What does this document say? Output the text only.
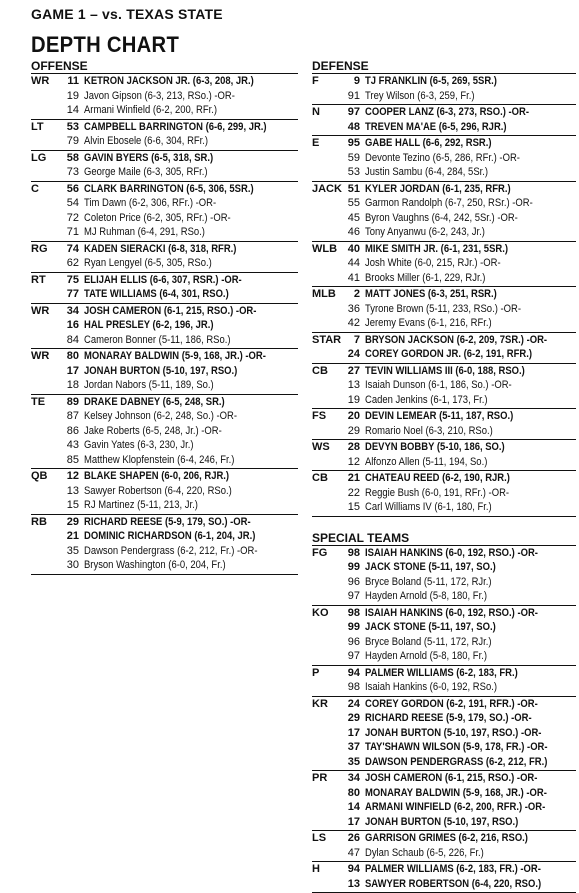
GAME 1 – vs. TEXAS STATE
DEPTH CHART
OFFENSE
WR	11 KETRON JACKSON JR. (6-3, 208, JR.)
19 Javon Gipson (6-3, 213, RSo.) -OR-
14 Armani Winfield (6-2, 200, RFr.)
LT	53 CAMPBELL BARRINGTON (6-6, 299, JR.)
79 Alvin Ebosele (6-6, 304, RFr.)
LG	58 GAVIN BYERS (6-5, 318, SR.)
73 George Maile (6-3, 305, RFr.)
C	56 CLARK BARRINGTON (6-5, 306, 5SR.)
54 Tim Dawn (6-2, 306, RFr.) -OR-
72 Coleton Price (6-2, 305, RFr.) -OR-
71 MJ Ruhman (6-4, 291, RSo.)
RG	74 KADEN SIERACKI (6-8, 318, RFR.)
62 Ryan Lengyel (6-5, 305, RSo.)
RT	75 ELIJAH ELLIS (6-6, 307, RSR.) -OR-
77 TATE WILLIAMS (6-4, 301, RSO.)
WR	34 JOSH CAMERON (6-1, 215, RSO.) -OR-
16 HAL PRESLEY (6-2, 196, JR.)
84 Cameron Bonner (5-11, 186, RSo.)
WR	80 MONARAY BALDWIN (5-9, 168, JR.) -OR-
17 JONAH BURTON (5-10, 197, RSO.)
18 Jordan Nabors (5-11, 189, So.)
TE	89 DRAKE DABNEY (6-5, 248, SR.)
87 Kelsey Johnson (6-2, 248, So.) -OR-
86 Jake Roberts (6-5, 248, Jr.) -OR-
43 Gavin Yates (6-3, 230, Jr.)
85 Matthew Klopfenstein (6-4, 246, Fr.)
QB	12 BLAKE SHAPEN (6-0, 206, RJR.)
13 Sawyer Robertson (6-4, 220, RSo.)
15 RJ Martinez (5-11, 213, Jr.)
RB	29 RICHARD REESE (5-9, 179, SO.) -OR-
21 DOMINIC RICHARDSON (6-1, 204, JR.)
35 Dawson Pendergrass (6-2, 212, Fr.) -OR-
30 Bryson Washington (6-0, 204, Fr.)
DEFENSE
F	9 TJ FRANKLIN (6-5, 269, 5SR.)
91 Trey Wilson (6-3, 259, Fr.)
N	97 COOPER LANZ (6-3, 273, RSO.) -OR-
48 TREVEN MA'AE (6-5, 296, RJR.)
E	95 GABE HALL (6-6, 292, RSR.)
59 Devonte Tezino (6-5, 286, RFr.) -OR-
53 Justin Sambu (6-4, 284, 5Sr.)
JACK 51 KYLER JORDAN (6-1, 235, RFR.)
55 Garmon Randolph (6-7, 250, RSr.) -OR-
45 Byron Vaughns (6-4, 242, 5Sr.) -OR-
46 Tony Anyanwu (6-2, 243, Jr.)
WLB 40 MIKE SMITH JR. (6-1, 231, 5SR.)
44 Josh White (6-0, 215, RJr.) -OR-
41 Brooks Miller (6-1, 229, RJr.)
MLB	2 MATT JONES (6-3, 251, RSR.)
36 Tyrone Brown (5-11, 233, RSo.) -OR-
42 Jeremy Evans (6-1, 216, RFr.)
STAR	7 BRYSON JACKSON (6-2, 209, 7SR.) -OR-
24 COREY GORDON JR. (6-2, 191, RFR.)
CB	27 TEVIN WILLIAMS III (6-0, 188, RSO.)
13 Isaiah Dunson (6-1, 186, So.) -OR-
19 Caden Jenkins (6-1, 173, Fr.)
FS	20 DEVIN LEMEAR (5-11, 187, RSO.)
29 Romario Noel (6-3, 210, RSo.)
WS	28 DEVYN BOBBY (5-10, 186, SO.)
12 Alfonzo Allen (5-11, 194, So.)
CB	21 CHATEAU REED (6-2, 190, RJR.)
22 Reggie Bush (6-0, 191, RFr.) -OR-
15 Carl Williams IV (6-1, 180, Fr.)
SPECIAL TEAMS
FG	98 ISAIAH HANKINS (6-0, 192, RSO.) -OR-
99 JACK STONE (5-11, 197, SO.)
96 Bryce Boland (5-11, 172, RJr.)
97 Hayden Arnold (5-8, 180, Fr.)
KO	98 ISAIAH HANKINS (6-0, 192, RSO.) -OR-
99 JACK STONE (5-11, 197, SO.)
96 Bryce Boland (5-11, 172, RJr.)
97 Hayden Arnold (5-8, 180, Fr.)
P	94 PALMER WILLIAMS (6-2, 183, FR.)
98 Isaiah Hankins (6-0, 192, RSo.)
KR	24 COREY GORDON (6-2, 191, RFR.) -OR-
29 RICHARD REESE (5-9, 179, SO.) -OR-
17 JONAH BURTON (5-10, 197, RSO.) -OR-
37 TAY'SHAWN WILSON (5-9, 178, FR.) -OR-
35 DAWSON PENDERGRASS (6-2, 212, FR.)
PR	34 JOSH CAMERON (6-1, 215, RSO.) -OR-
80 MONARAY BALDWIN (5-9, 168, JR.) -OR-
14 ARMANI WINFIELD (6-2, 200, RFR.) -OR-
17 JONAH BURTON (5-10, 197, RSO.)
LS	26 GARRISON GRIMES (6-2, 216, RSO.)
47 Dylan Schaub (6-5, 226, Fr.)
H	94 PALMER WILLIAMS (6-2, 183, FR.) -OR-
13 SAWYER ROBERTSON (6-4, 220, RSO.)
